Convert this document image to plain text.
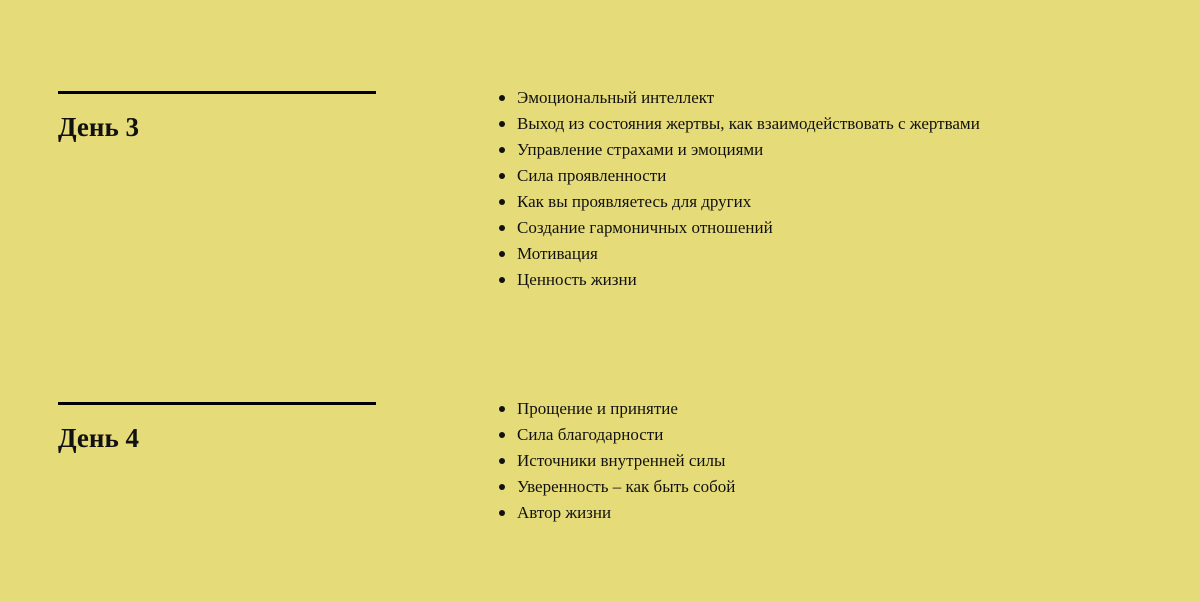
День 3
Эмоциональный интеллект
Выход из состояния жертвы, как взаимодействовать с жертвами
Управление страхами и эмоциями
Сила проявленности
Как вы проявляетесь для других
Создание гармоничных отношений
Мотивация
Ценность жизни
День 4
Прощение и принятие
Сила благодарности
Источники внутренней силы
Уверенность – как быть собой
Автор жизни
